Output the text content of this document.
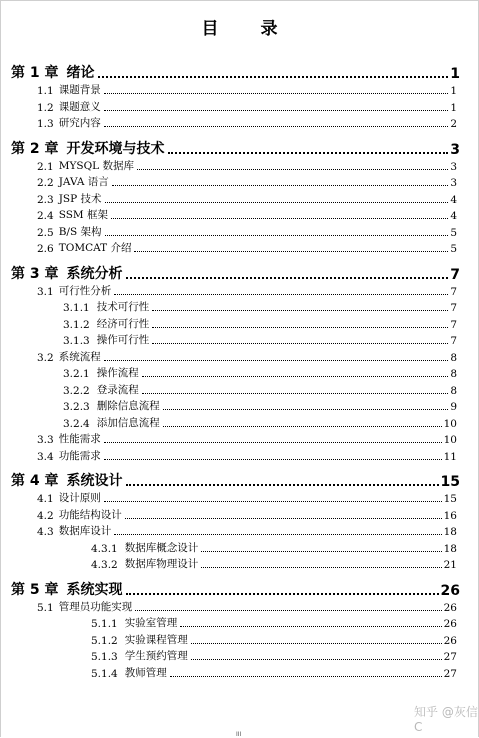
目 录
第 1 章 绪论	1
1.1 课题背景	1
1.2 课题意义	1
1.3 研究内容	2
第 2 章 开发环境与技术	3
2.1 MYSQL 数据库	3
2.2 JAVA 语言	3
2.3 JSP 技术	4
2.4 SSM 框架	4
2.5 B/S 架构	5
2.6 TOMCAT 介绍	5
第 3 章 系统分析	7
3.1 可行性分析	7
3.1.1 技术可行性	7
3.1.2 经济可行性	7
3.1.3 操作可行性	7
3.2 系统流程	8
3.2.1 操作流程	8
3.2.2 登录流程	8
3.2.3 删除信息流程	9
3.2.4 添加信息流程	10
3.3 性能需求	10
3.4 功能需求	11
第 4 章 系统设计	15
4.1 设计原则	15
4.2 功能结构设计	16
4.3 数据库设计	18
4.3.1 数据库概念设计	18
4.3.2 数据库物理设计	21
第 5 章 系统实现	26
5.1 管理员功能实现	26
5.1.1 实验室管理	26
5.1.2 实验课程管理	26
5.1.3 学生预约管理	27
5.1.4 教师管理	27
III
知乎 @灰信C
